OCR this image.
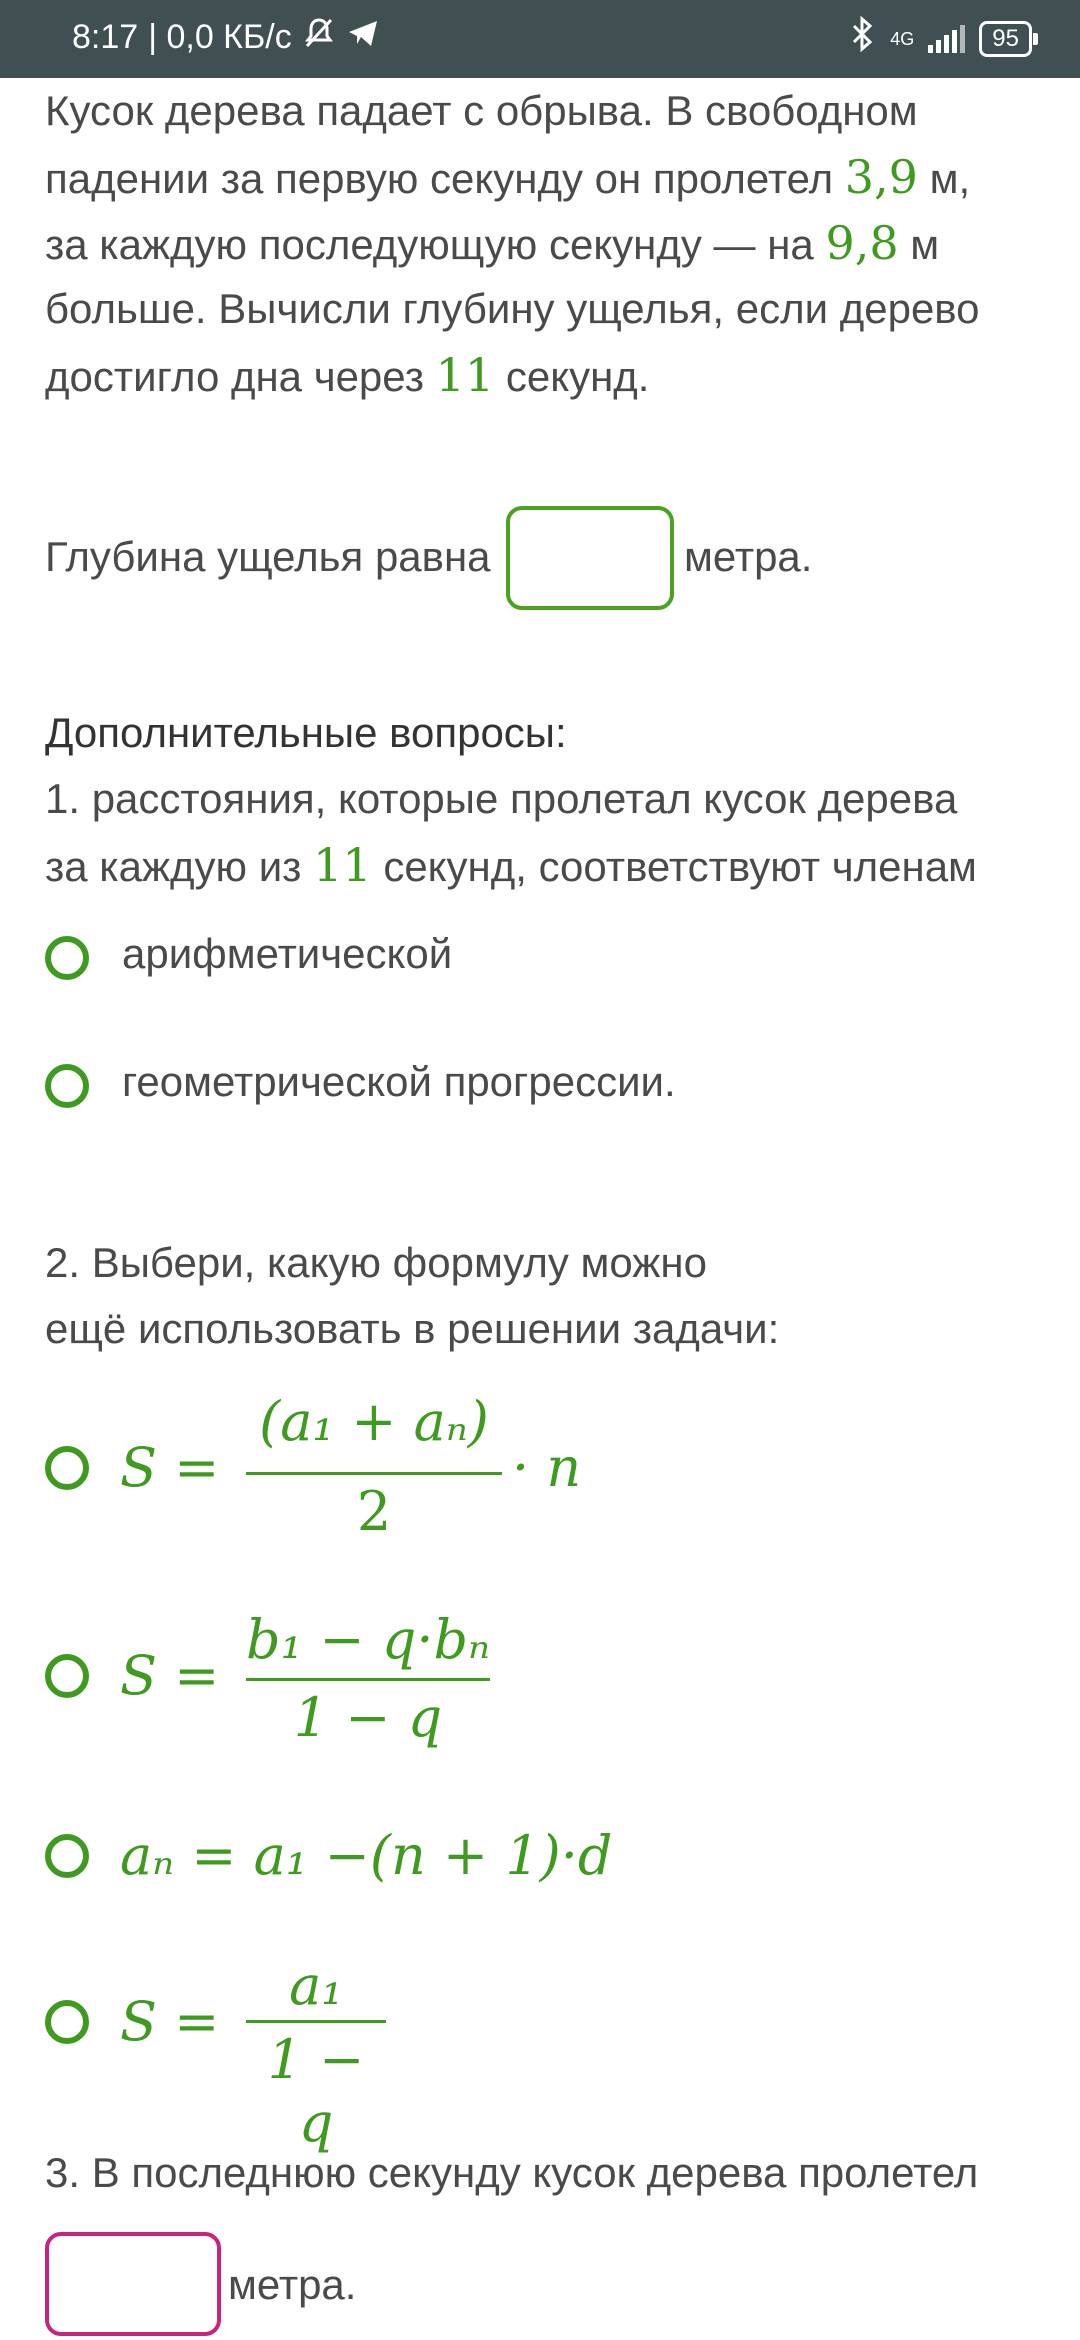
8:17 | 0,0 КБ/с	4G	95
Кусок дерева падает с обрыва. В свободном
падении за первую секунду он пролетел 3,9 м,
за каждую последующую секунду — на 9,8 м
больше. Вычисли глубину ущелья, если дерево
достигло дна через 11 секунд.
Глубина ущелья равна	метра.
Дополнительные вопросы:
1. расстояния, которые пролетал кусок дерева
за каждую из 11 секунд, соответствуют членам
арифметической
геометрической прогрессии.
2. Выбери, какую формулу можно
ещё использовать в решении задачи:
S =
(a₁ + aₙ)
2
· n
S =
b₁ − q·bₙ
1 − q
aₙ = a₁ −(n + 1)·d
S =
a₁
1 − q
3. В последнюю секунду кусок дерева пролетел
метра.
